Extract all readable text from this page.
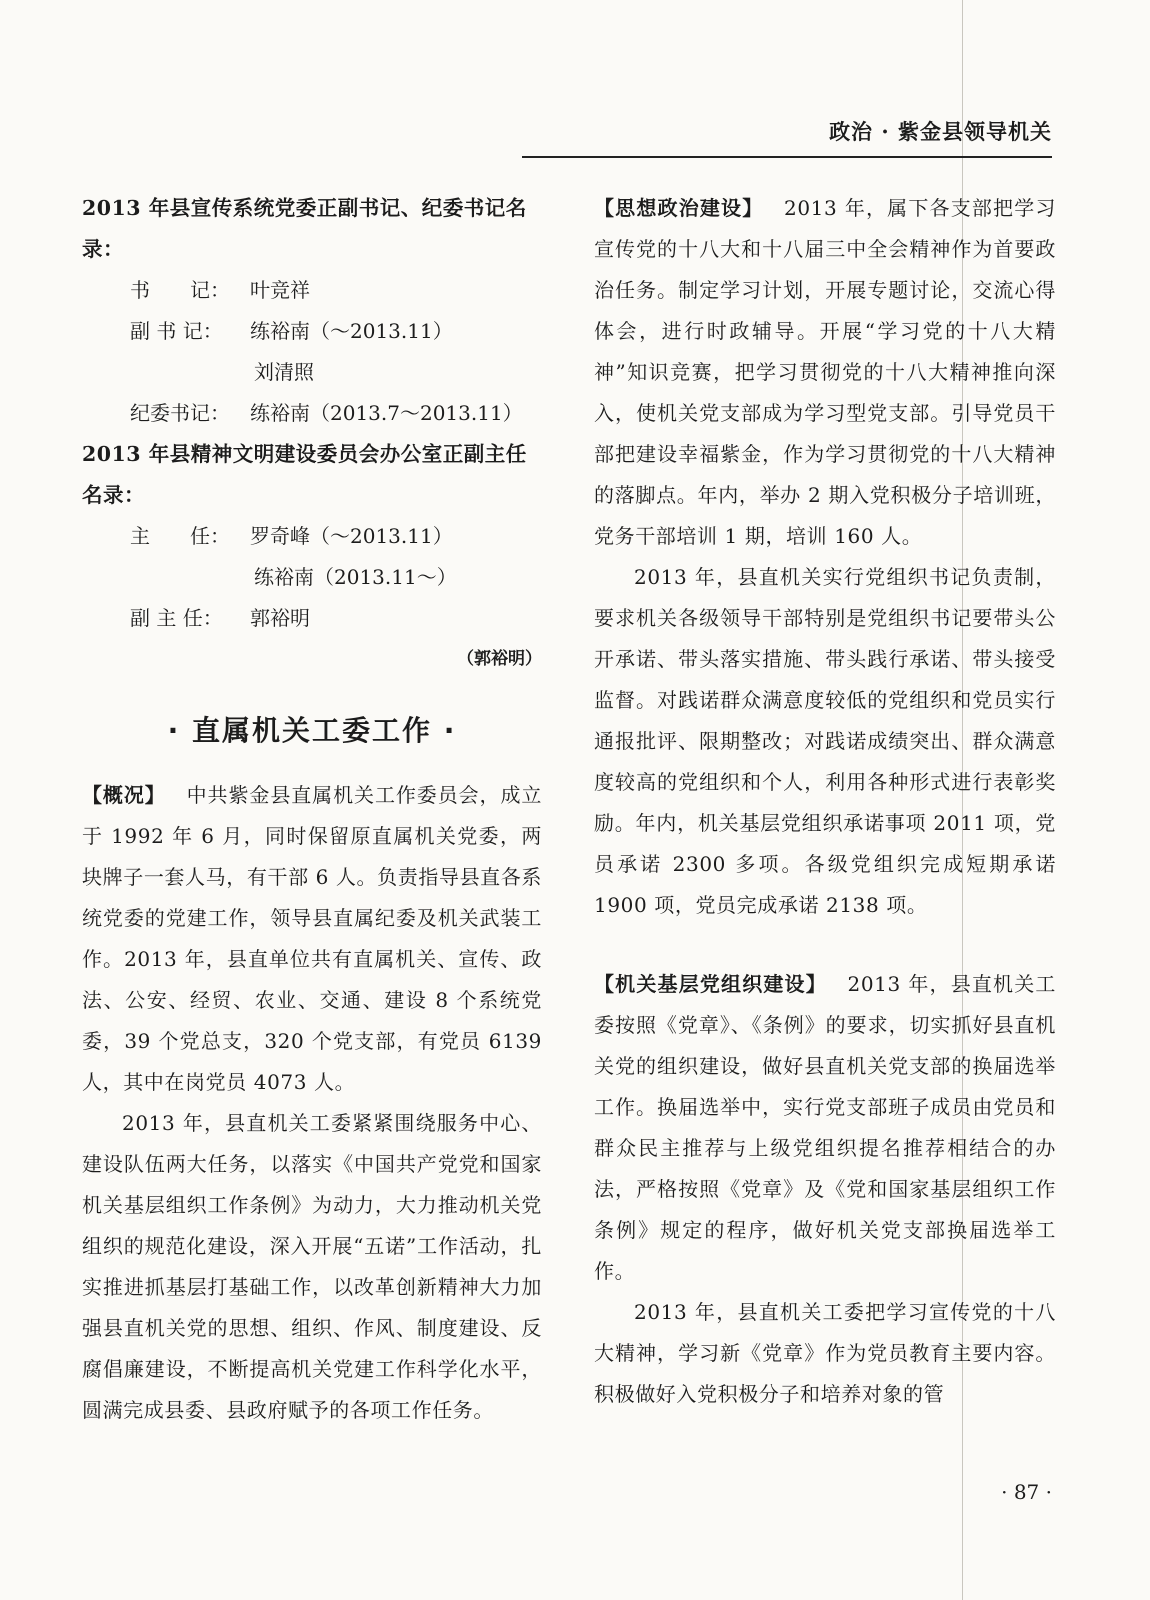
政治 · 紫金县领导机关
2013 年县宣传系统党委正副书记、纪委书记名录：
书　　记： 叶竞祥
副 书 记： 练裕南（～2013.11）
刘清照
纪委书记： 练裕南（2013.7～2013.11）
2013 年县精神文明建设委员会办公室正副主任名录：
主　　任： 罗奇峰（～2013.11）
练裕南（2013.11～）
副 主 任： 郭裕明

（郭裕明）

· 直属机关工委工作 ·

【概况】  中共紫金县直属机关工作委员会，成立于 1992 年 6 月，同时保留原直属机关党委，两块牌子一套人马，有干部 6 人。负责指导县直各系统党委的党建工作，领导县直属纪委及机关武装工作。2013 年，县直单位共有直属机关、宣传、政法、公安、经贸、农业、交通、建设 8 个系统党委，39 个党总支，320 个党支部，有党员 6139 人，其中在岗党员 4073 人。

2013 年，县直机关工委紧紧围绕服务中心、建设队伍两大任务，以落实《中国共产党党和国家机关基层组织工作条例》为动力，大力推动机关党组织的规范化建设，深入开展“五诺”工作活动，扎实推进抓基层打基础工作，以改革创新精神大力加强县直机关党的思想、组织、作风、制度建设、反腐倡廉建设，不断提高机关党建工作科学化水平，圆满完成县委、县政府赋予的各项工作任务。

【思想政治建设】  2013 年，属下各支部把学习宣传党的十八大和十八届三中全会精神作为首要政治任务。制定学习计划，开展专题讨论，交流心得体会，进行时政辅导。开展“学习党的十八大精神”知识竞赛，把学习贯彻党的十八大精神推向深入，使机关党支部成为学习型党支部。引导党员干部把建设幸福紫金，作为学习贯彻党的十八大精神的落脚点。年内，举办 2 期入党积极分子培训班，党务干部培训 1 期，培训 160 人。

2013 年，县直机关实行党组织书记负责制，要求机关各级领导干部特别是党组织书记要带头公开承诺、带头落实措施、带头践行承诺、带头接受监督。对践诺群众满意度较低的党组织和党员实行通报批评、限期整改；对践诺成绩突出、群众满意度较高的党组织和个人，利用各种形式进行表彰奖励。年内，机关基层党组织承诺事项 2011 项，党员承诺 2300 多项。各级党组织完成短期承诺 1900 项，党员完成承诺 2138 项。

【机关基层党组织建设】  2013 年，县直机关工委按照《党章》、《条例》的要求，切实抓好县直机关党的组织建设，做好县直机关党支部的换届选举工作。换届选举中，实行党支部班子成员由党员和群众民主推荐与上级党组织提名推荐相结合的办法，严格按照《党章》及《党和国家基层组织工作条例》规定的程序，做好机关党支部换届选举工作。

2013 年，县直机关工委把学习宣传党的十八大精神，学习新《党章》作为党员教育主要内容。积极做好入党积极分子和培养对象的管

· 87 ·
